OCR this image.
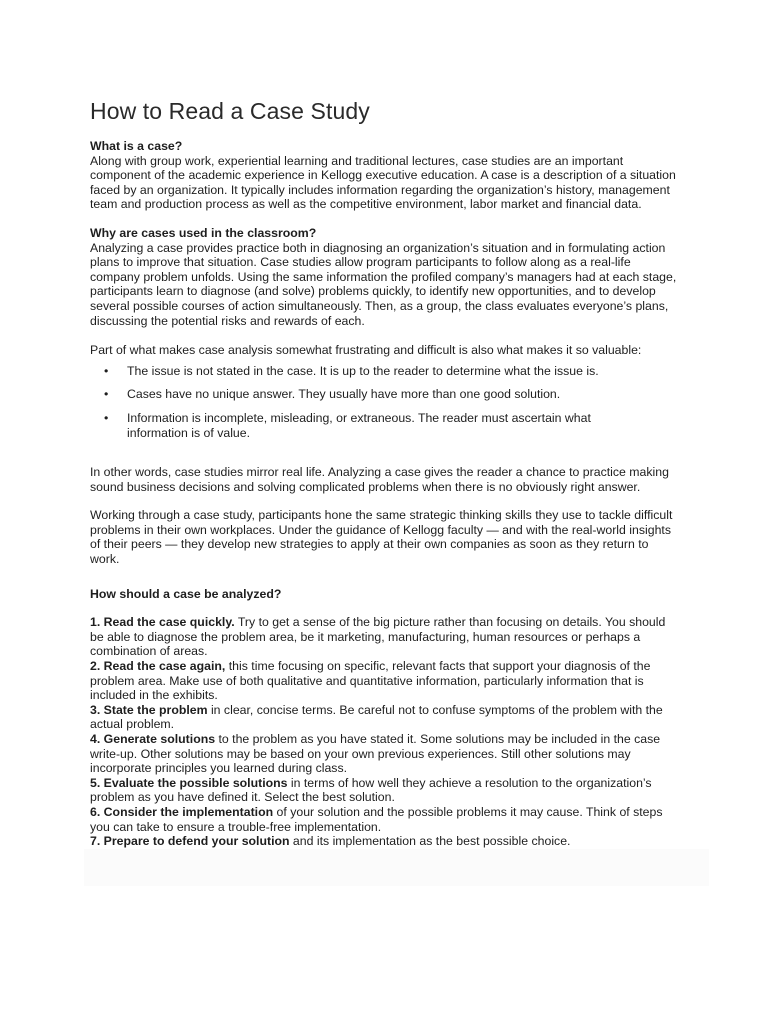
How to Read a Case Study

What is a case?

Along with group work, experiential learning and traditional lectures, case studies are an important component of the academic experience in Kellogg executive education. A case is a description of a situation faced by an organization. It typically includes information regarding the organization’s history, management team and production process as well as the competitive environment, labor market and financial data.

Why are cases used in the classroom?

Analyzing a case provides practice both in diagnosing an organization’s situation and in formulating action plans to improve that situation. Case studies allow program participants to follow along as a real-life company problem unfolds. Using the same information the profiled company’s managers had at each stage, participants learn to diagnose (and solve) problems quickly, to identify new opportunities, and to develop several possible courses of action simultaneously. Then, as a group, the class evaluates everyone’s plans, discussing the potential risks and rewards of each.

Part of what makes case analysis somewhat frustrating and difficult is also what makes it so valuable:

• The issue is not stated in the case. It is up to the reader to determine what the issue is.
• Cases have no unique answer. They usually have more than one good solution.
• Information is incomplete, misleading, or extraneous. The reader must ascertain what information is of value.

In other words, case studies mirror real life. Analyzing a case gives the reader a chance to practice making sound business decisions and solving complicated problems when there is no obviously right answer.

Working through a case study, participants hone the same strategic thinking skills they use to tackle difficult problems in their own workplaces. Under the guidance of Kellogg faculty — and with the real-world insights of their peers — they develop new strategies to apply at their own companies as soon as they return to work.

How should a case be analyzed?

1. Read the case quickly. Try to get a sense of the big picture rather than focusing on details. You should be able to diagnose the problem area, be it marketing, manufacturing, human resources or perhaps a combination of areas.

2. Read the case again, this time focusing on specific, relevant facts that support your diagnosis of the problem area. Make use of both qualitative and quantitative information, particularly information that is included in the exhibits.

3. State the problem in clear, concise terms. Be careful not to confuse symptoms of the problem with the actual problem.

4. Generate solutions to the problem as you have stated it. Some solutions may be included in the case write-up. Other solutions may be based on your own previous experiences. Still other solutions may incorporate principles you learned during class.

5. Evaluate the possible solutions in terms of how well they achieve a resolution to the organization’s problem as you have defined it. Select the best solution.

6. Consider the implementation of your solution and the possible problems it may cause. Think of steps you can take to ensure a trouble-free implementation.

7. Prepare to defend your solution and its implementation as the best possible choice.
